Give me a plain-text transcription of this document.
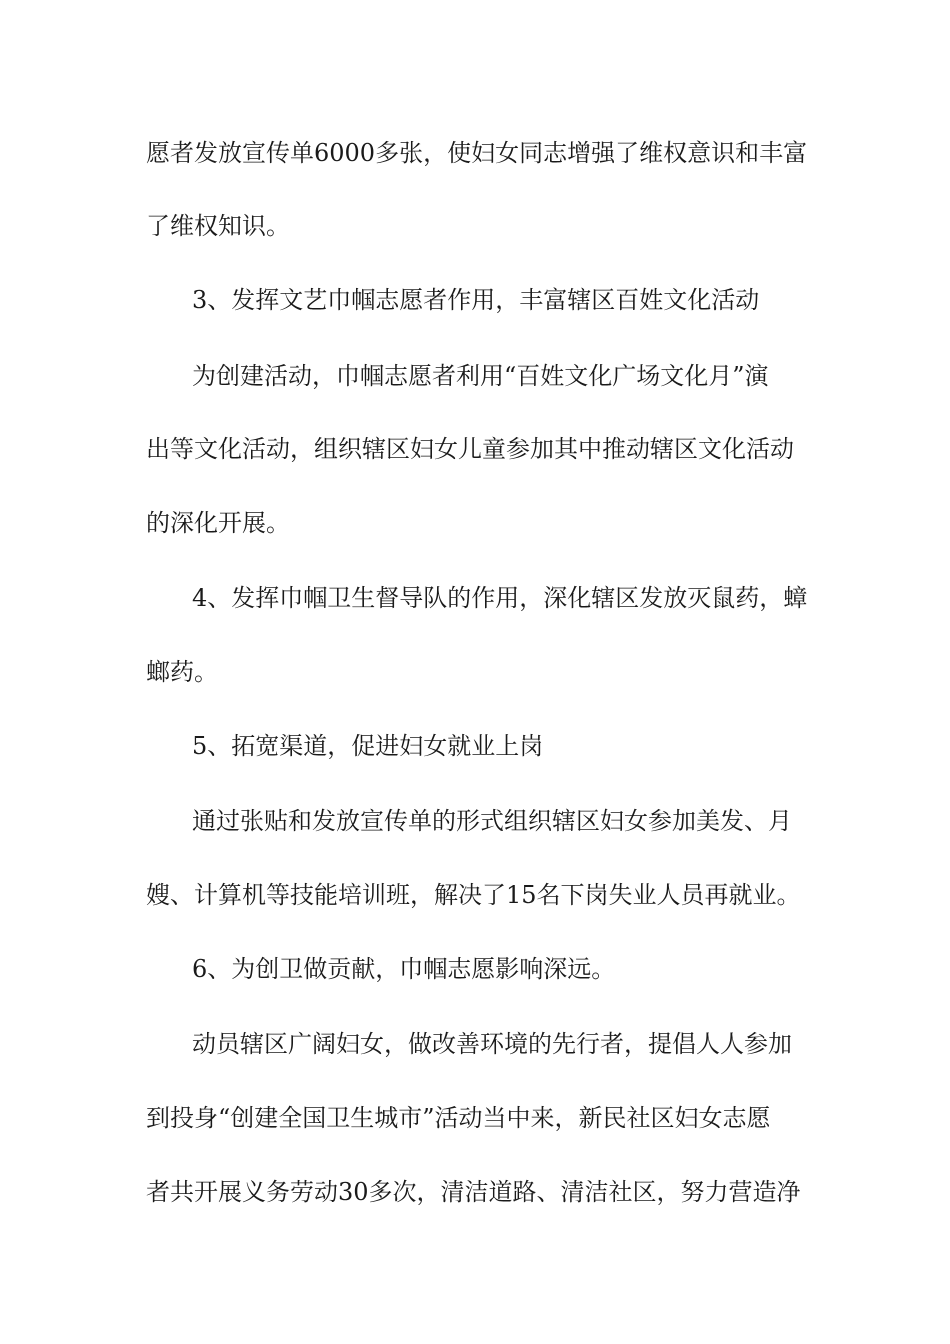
愿者发放宣传单6000多张，使妇女同志增强了维权意识和丰富
了维权知识。
3、发挥文艺巾帼志愿者作用，丰富辖区百姓文化活动
为创建活动，巾帼志愿者利用“百姓文化广场文化月”演
出等文化活动，组织辖区妇女儿童参加其中推动辖区文化活动
的深化开展。
4、发挥巾帼卫生督导队的作用，深化辖区发放灭鼠药，蟑
螂药。
5、拓宽渠道，促进妇女就业上岗
通过张贴和发放宣传单的形式组织辖区妇女参加美发、月
嫂、计算机等技能培训班，解决了15名下岗失业人员再就业。
6、为创卫做贡献，巾帼志愿影响深远。
动员辖区广阔妇女，做改善环境的先行者，提倡人人参加
到投身“创建全国卫生城市”活动当中来，新民社区妇女志愿
者共开展义务劳动30多次，清洁道路、清洁社区，努力营造净
